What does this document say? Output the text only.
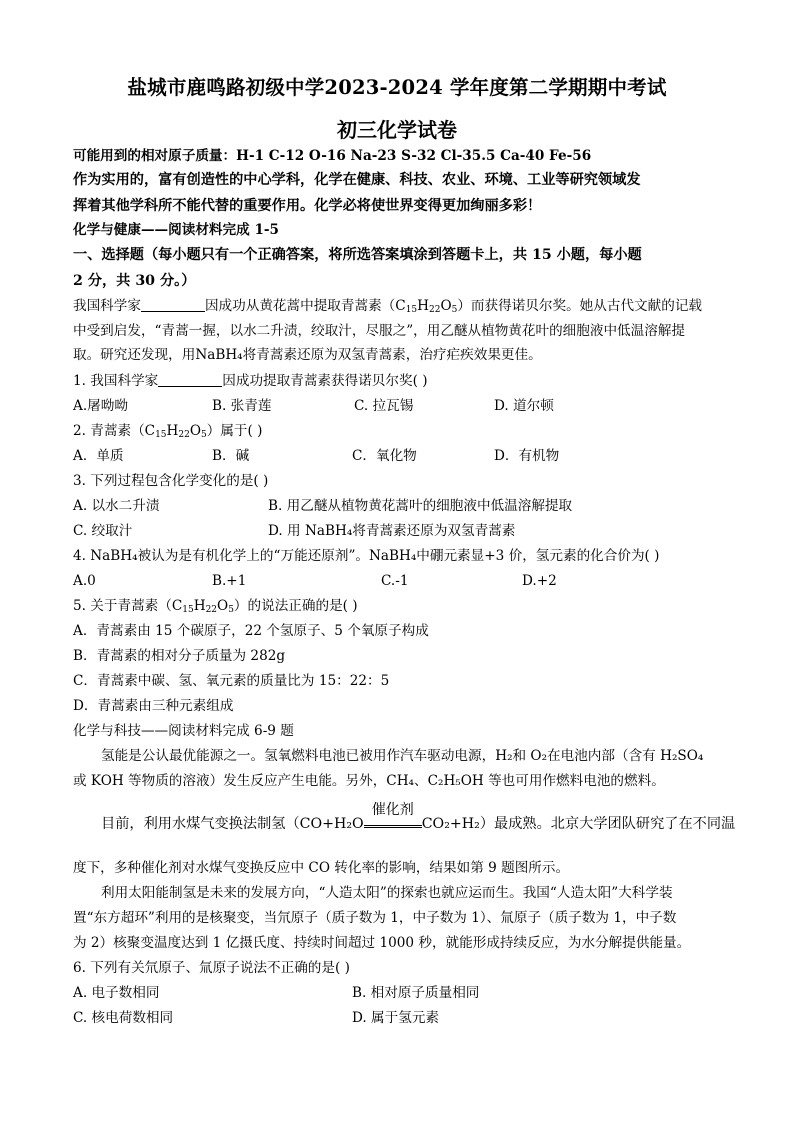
盐城市鹿鸣路初级中学2023-2024 学年度第二学期期中考试
初三化学试卷
可能用到的相对原子质量：H-1 C-12 O-16 Na-23 S-32 Cl-35.5 Ca-40 Fe-56
作为实用的，富有创造性的中心学科，化学在健康、科技、农业、环境、工业等研究领域发
挥着其他学科所不能代替的重要作用。化学必将使世界变得更加绚丽多彩！
化学与健康——阅读材料完成 1-5
一、选择题（每小题只有一个正确答案，将所选答案填涂到答题卡上，共 15 小题，每小题
2 分，共 30 分。）
我国科学家	因成功从黄花蒿中提取青蒿素$(C_{15}H_{22}O_5)$而获得诺贝尔奖。她从古代文献的记载
中受到启发，“青蒿一握，以水二升渍，绞取汁，尽服之”，用乙醚从植物黄花叶的细胞液中低温溶解提
取。研究还发现，用NaBH₄将青蒿素还原为双氢青蒿素，治疗疟疾效果更佳。
1. 我国科学家	因成功提取青蒿素获得诺贝尔奖( )
A.屠呦呦	B. 张青莲	C. 拉瓦锡	D. 道尔顿
2. 青蒿素$(C_{15}H_{22}O_5)$属于( )
A．单质	B．碱	C．氧化物	D．有机物
3. 下列过程包含化学变化的是( )
A. 以水二升渍	B. 用乙醚从植物黄花蒿叶的细胞液中低温溶解提取
C. 绞取汁	D. 用 NaBH₄将青蒿素还原为双氢青蒿素
4. NaBH₄被认为是有机化学上的“万能还原剂”。NaBH₄中硼元素显+3 价，氢元素的化合价为( )
A.0	B.+1	C.-1	D.+2
5. 关于青蒿素$(C_{15}H_{22}O_5)$的说法正确的是( )
A．青蒿素由 15 个碳原子，22 个氢原子、5 个氧原子构成
B．青蒿素的相对分子质量为 282g
C．青蒿素中碳、氢、氧元素的质量比为 15：22：5
D．青蒿素由三种元素组成
化学与科技——阅读材料完成 6-9 题
氢能是公认最优能源之一。氢氧燃料电池已被用作汽车驱动电源，H₂和 O₂在电池内部（含有 H₂SO₄
或 KOH 等物质的溶液）发生反应产生电能。另外，CH₄、C₂H₅OH 等也可用作燃料电池的燃料。
目前，利用水煤气变换法制氢（CO+H₂O
催化剂
CO₂+H₂）最成熟。北京大学团队研究了在不同温
度下，多种催化剂对水煤气变换反应中 CO 转化率的影响，结果如第 9 题图所示。
利用太阳能制氢是未来的发展方向，“人造太阳”的探索也就应运而生。我国“人造太阳”大科学装
置“东方超环”利用的是核聚变，当氘原子（质子数为 1，中子数为 1）、氚原子（质子数为 1，中子数
为 2）核聚变温度达到 1 亿摄氏度、持续时间超过 1000 秒，就能形成持续反应，为水分解提供能量。
6. 下列有关氘原子、氚原子说法不正确的是( )
A. 电子数相同	B. 相对原子质量相同
C. 核电荷数相同	D. 属于氢元素
